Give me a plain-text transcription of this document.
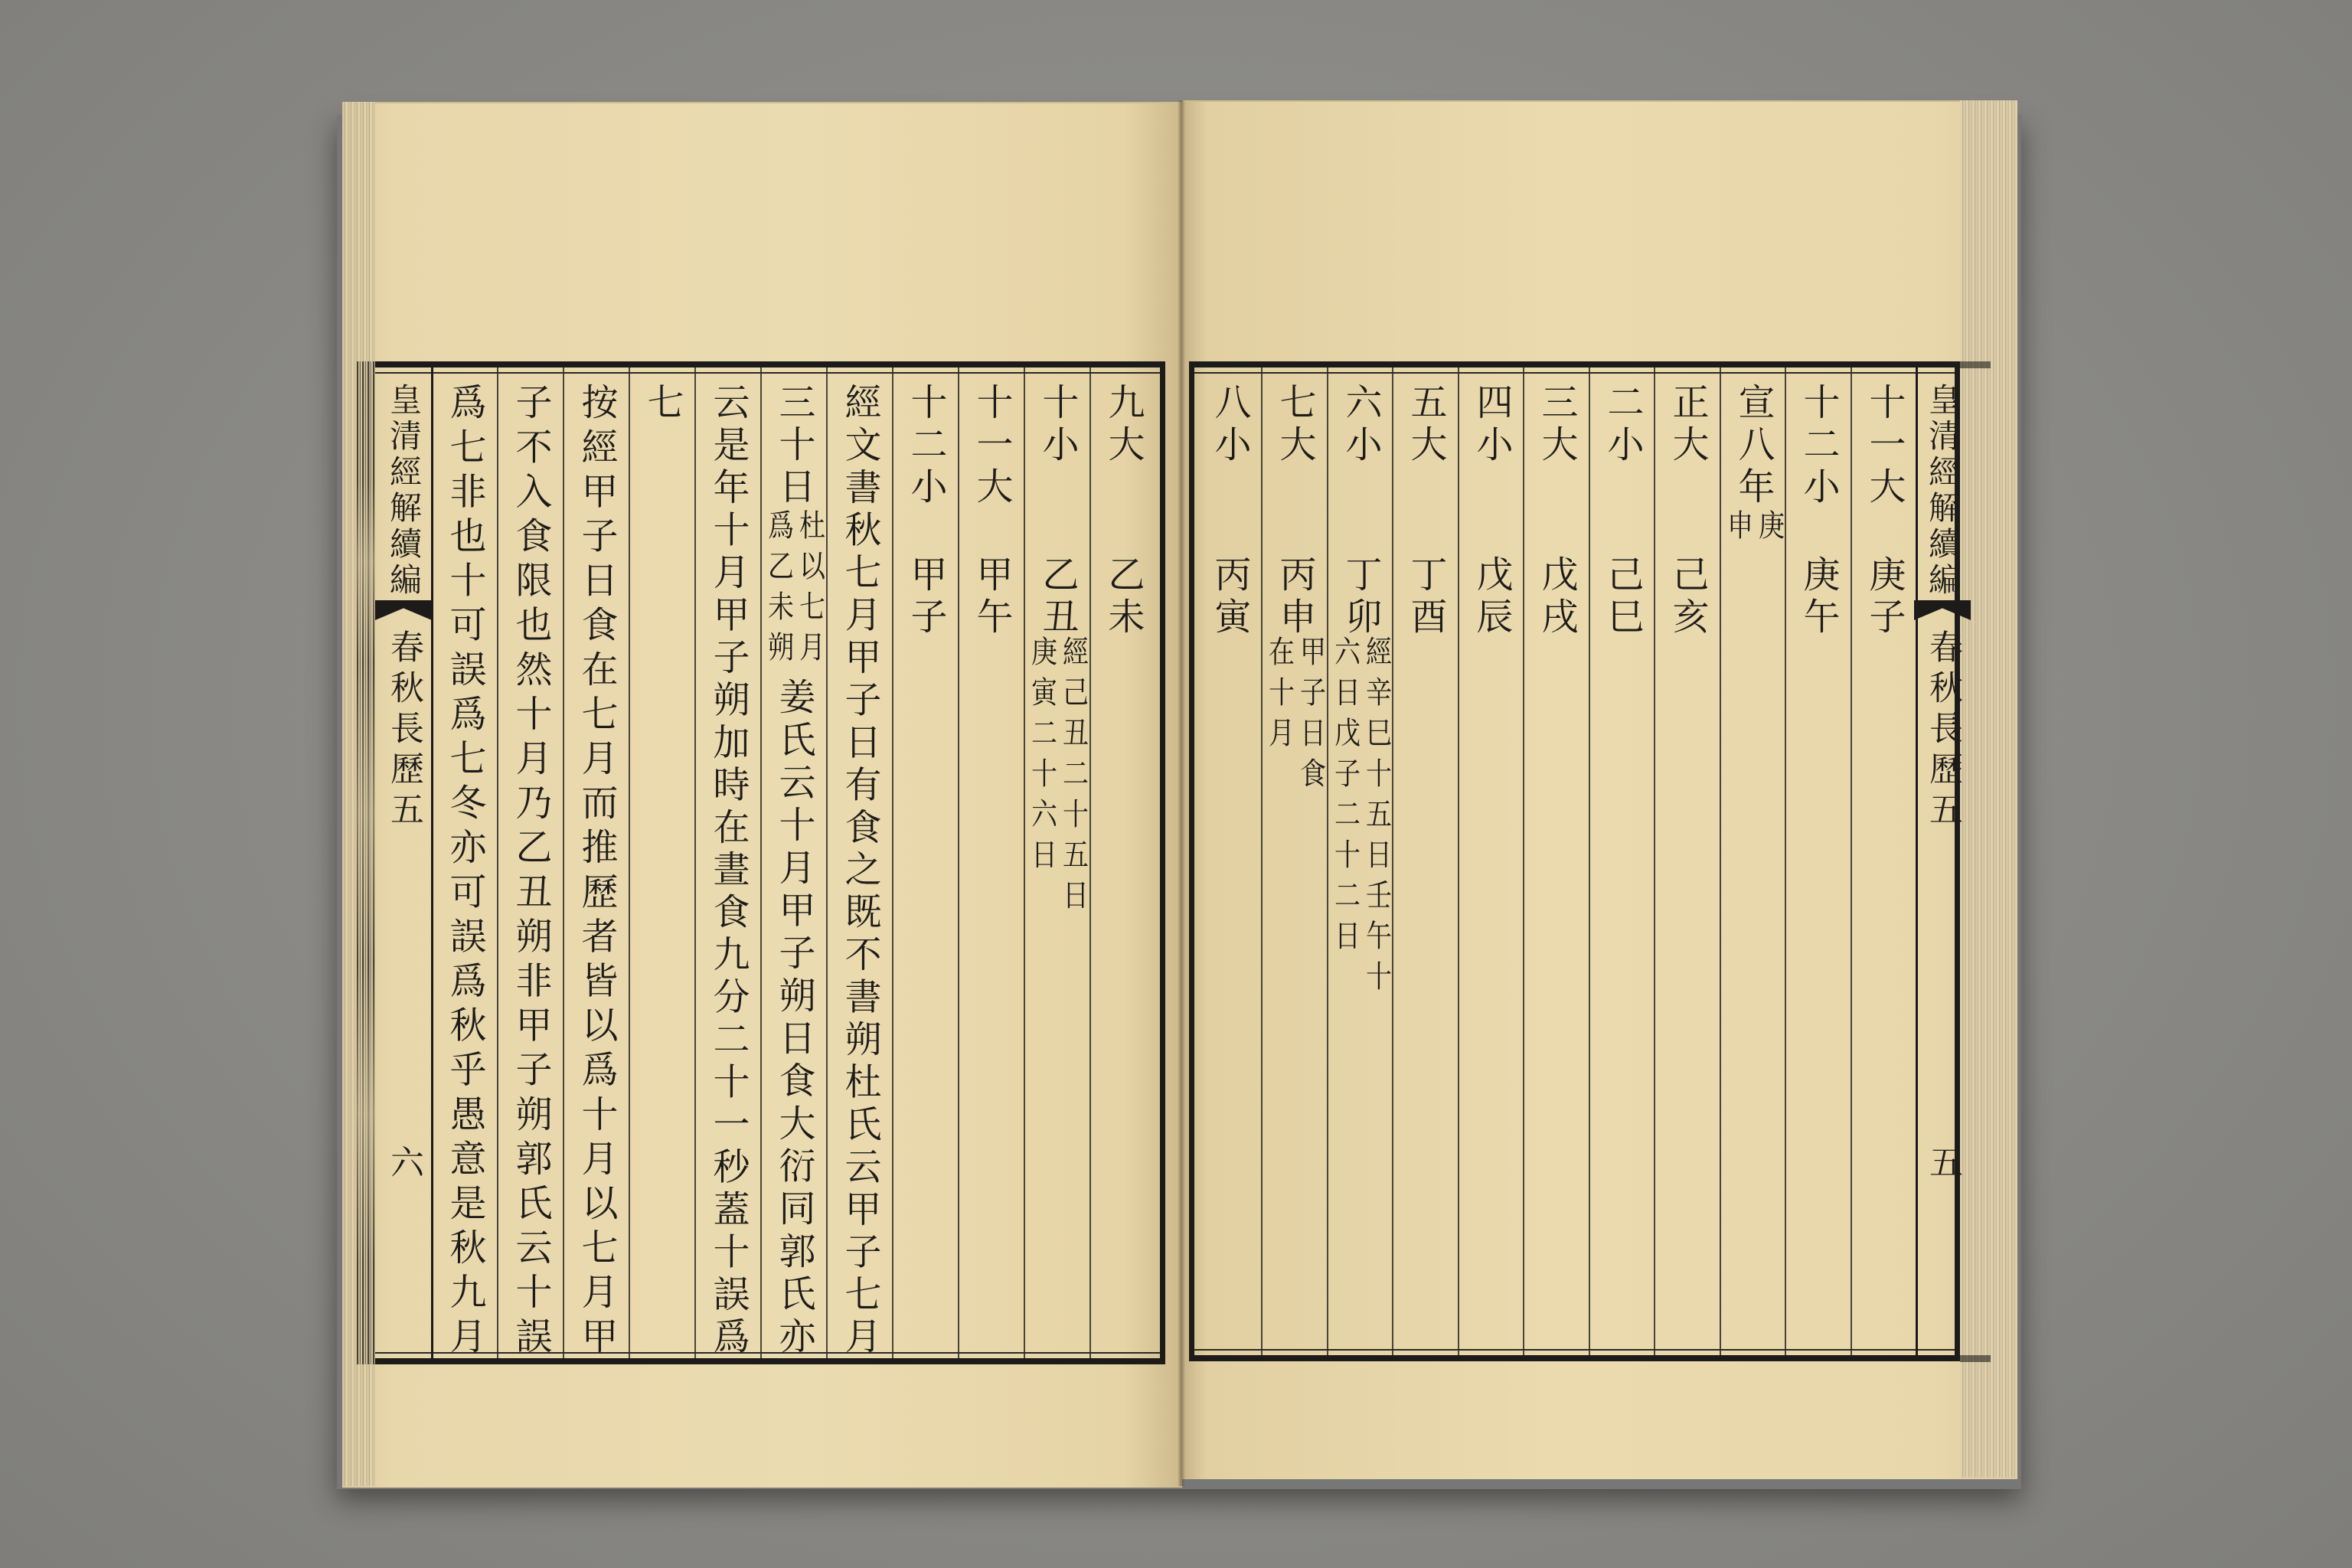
皇清經解續編
春秋長歷五
五
十一大
庚子
十二小
庚午
宣八年
庚
申
正大
己亥
二小
己巳
三大
戊戌
四小
戊辰
五大
丁酉
六小
丁卯
經辛巳十五日壬午十
六日戊子二十二日
七大
丙申
甲子日食
在十月
八小
丙寅
九大
乙未
十小
乙丑
經己丑二十五日
庚寅二十六日
十一大
甲午
十二小
甲子
經文書秋七月甲子日有食之既不書朔杜氏云甲子七月
三十日
杜以七月
爲乙未朔
姜氏云十月甲子朔日食大衍同郭氏亦
云是年十月甲子朔加時在晝食九分二十一秒蓋十誤爲
七
按經甲子日食在七月而推歷者皆以爲十月以七月甲
子不入食限也然十月乃乙丑朔非甲子朔郭氏云十誤
爲七非也十可誤爲七冬亦可誤爲秋乎愚意是秋九月
皇清經解續編
春秋長歷五
六
